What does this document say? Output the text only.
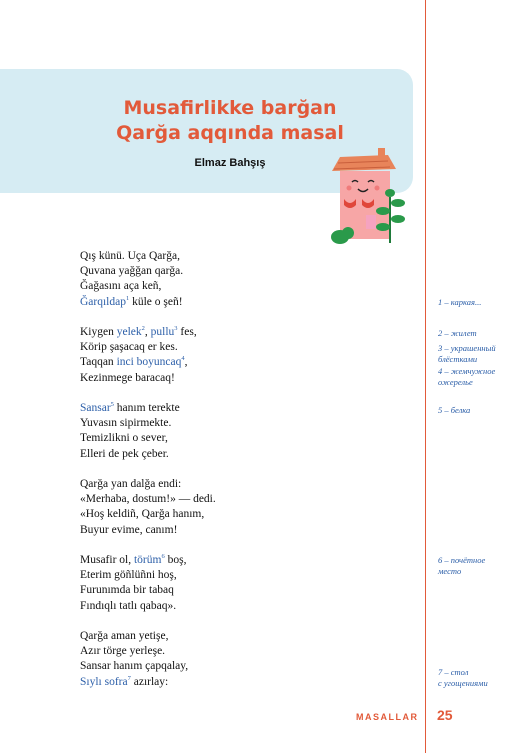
Musafirlikke barğan
Qarğa aqqında masal
Elmaz Bahşış
Qış künü. Uça Qarğa,
Quvana yağğan qarğa.
Ğağasını aça keñ,
Ğarqıldap$^1$ küle o şeñ!
Kiygen yelek$^2$, pullu$^3$ fes,
Körip şaşacaq er kes.
Taqqan inci boyuncaq$^4$,
Kezinmege baracaq!
Sansar$^5$ hanım terekte
Yuvasın sipirmekte.
Temizlikni o sever,
Elleri de pek çeber.
Qarğa yan dalğa endi:
«Merhaba, dostum!» — dedi.
«Hoş keldiñ, Qarğa hanım,
Buyur evime, canım!
Musafir ol, törüm$^6$ boş,
Eterim göñlüñni hoş,
Furunımda bir tabaq
Fındıqlı tatlı qabaq».
Qarğa aman yetişe,
Azır törge yerleşe.
Sansar hanım çapqalay,
Sıylı sofra$^7$ azırlay:
1 – каркая...
2 – жилет
3 – украшенный
блёстками
4 – жемчужное
ожерелье
5 – белка
6 – почётное
место
7 – стол
с угощениями
MASALLAR 25
